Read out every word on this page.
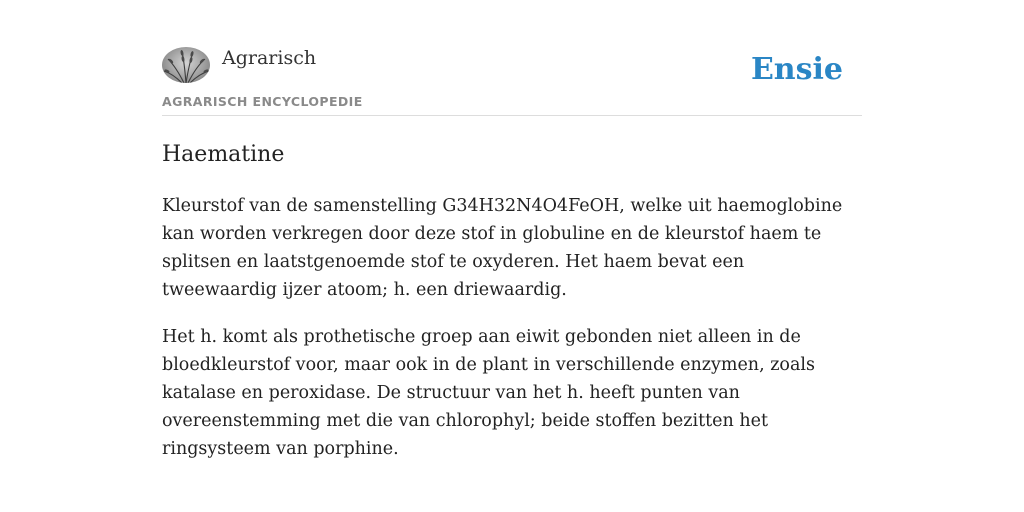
Agrarisch
AGRARISCH ENCYCLOPEDIE
Ensie
Haematine

Kleurstof van de samenstelling G34H32N4O4FeOH, welke uit haemoglobine kan worden verkregen door deze stof in globuline en de kleurstof haem te splitsen en laatstgenoemde stof te oxyderen. Het haem bevat een tweewaardig ijzer atoom; h. een driewaardig.

Het h. komt als prothetische groep aan eiwit gebonden niet alleen in de bloedkleurstof voor, maar ook in de plant in verschillende enzymen, zoals katalase en peroxidase. De structuur van het h. heeft punten van overeenstemming met die van chlorophyl; beide stoffen bezitten het ringsysteem van porphine.
